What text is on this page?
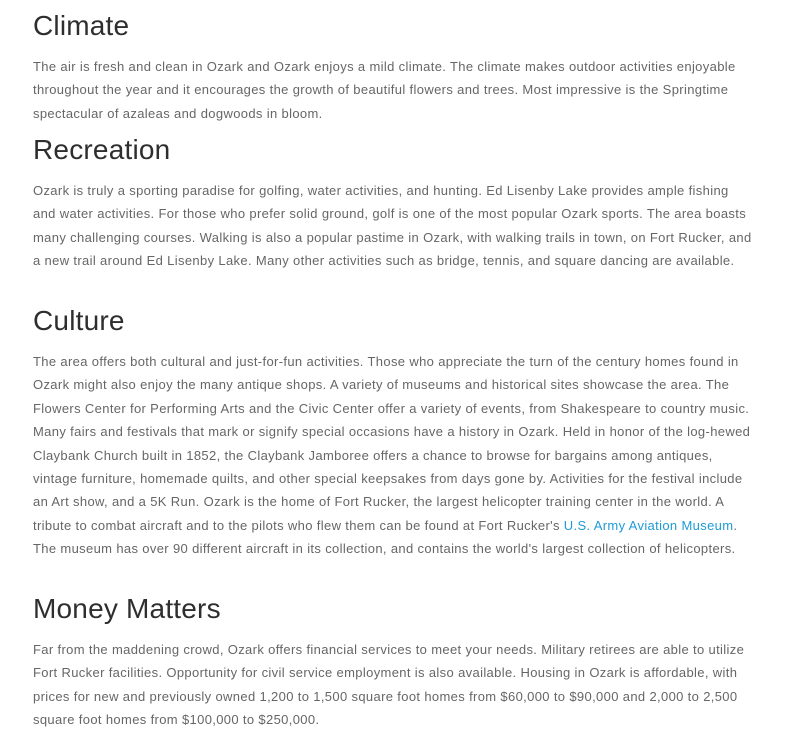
Climate

The air is fresh and clean in Ozark and Ozark enjoys a mild climate. The climate makes outdoor activities enjoyable throughout the year and it encourages the growth of beautiful flowers and trees. Most impressive is the Springtime spectacular of azaleas and dogwoods in bloom.

Recreation

Ozark is truly a sporting paradise for golfing, water activities, and hunting. Ed Lisenby Lake provides ample fishing and water activities. For those who prefer solid ground, golf is one of the most popular Ozark sports. The area boasts many challenging courses. Walking is also a popular pastime in Ozark, with walking trails in town, on Fort Rucker, and a new trail around Ed Lisenby Lake. Many other activities such as bridge, tennis, and square dancing are available.

Culture

The area offers both cultural and just-for-fun activities. Those who appreciate the turn of the century homes found in Ozark might also enjoy the many antique shops. A variety of museums and historical sites showcase the area. The Flowers Center for Performing Arts and the Civic Center offer a variety of events, from Shakespeare to country music. Many fairs and festivals that mark or signify special occasions have a history in Ozark. Held in honor of the log-hewed Claybank Church built in 1852, the Claybank Jamboree offers a chance to browse for bargains among antiques, vintage furniture, homemade quilts, and other special keepsakes from days gone by. Activities for the festival include an Art show, and a 5K Run. Ozark is the home of Fort Rucker, the largest helicopter training center in the world. A tribute to combat aircraft and to the pilots who flew them can be found at Fort Rucker's U.S. Army Aviation Museum. The museum has over 90 different aircraft in its collection, and contains the world's largest collection of helicopters.

Money Matters

Far from the maddening crowd, Ozark offers financial services to meet your needs. Military retirees are able to utilize Fort Rucker facilities. Opportunity for civil service employment is also available. Housing in Ozark is affordable, with prices for new and previously owned 1,200 to 1,500 square foot homes from $60,000 to $90,000 and 2,000 to 2,500 square foot homes from $100,000 to $250,000.
